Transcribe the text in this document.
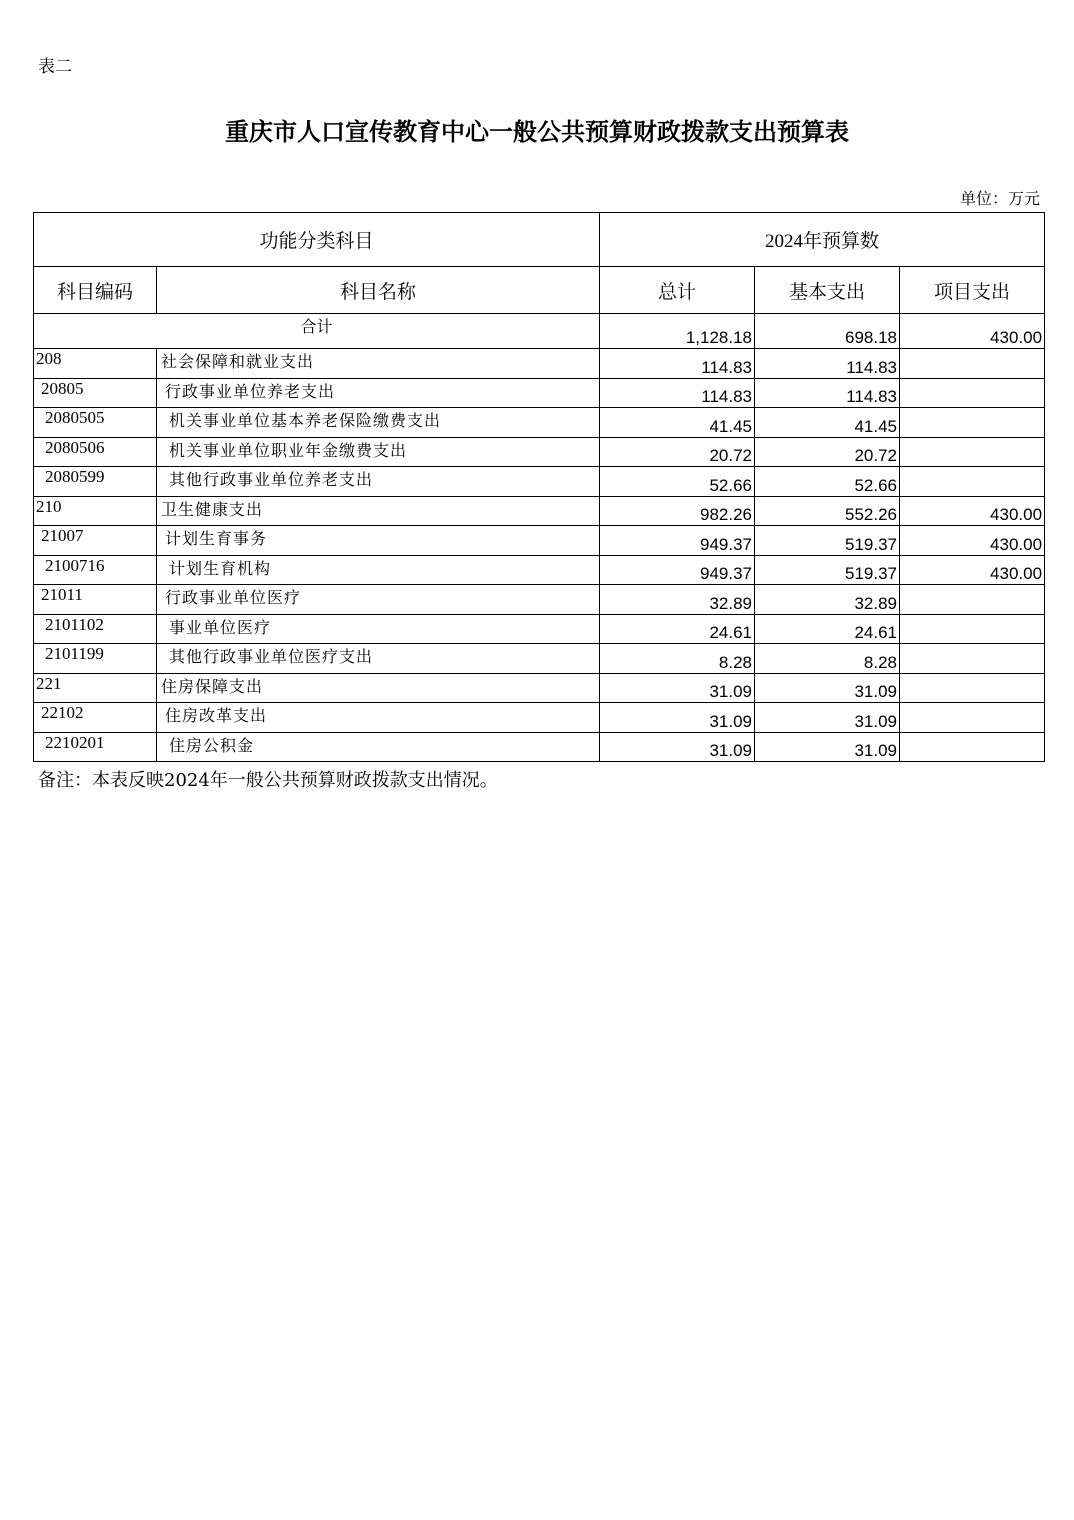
表二
重庆市人口宣传教育中心一般公共预算财政拨款支出预算表
单位：万元
功能分类科目		2024年预算数		
科目编码	科目名称	总计	基本支出	项目支出
合计		1,128.18	698.18	430.00
208	社会保障和就业支出	114.83	114.83	
20805	行政事业单位养老支出	114.83	114.83	
2080505	机关事业单位基本养老保险缴费支出	41.45	41.45	
2080506	机关事业单位职业年金缴费支出	20.72	20.72	
2080599	其他行政事业单位养老支出	52.66	52.66	
210	卫生健康支出	982.26	552.26	430.00
21007	计划生育事务	949.37	519.37	430.00
2100716	计划生育机构	949.37	519.37	430.00
21011	行政事业单位医疗	32.89	32.89	
2101102	事业单位医疗	24.61	24.61	
2101199	其他行政事业单位医疗支出	8.28	8.28	
221	住房保障支出	31.09	31.09	
22102	住房改革支出	31.09	31.09	
2210201	住房公积金	31.09	31.09	
备注：本表反映2024年一般公共预算财政拨款支出情况。
